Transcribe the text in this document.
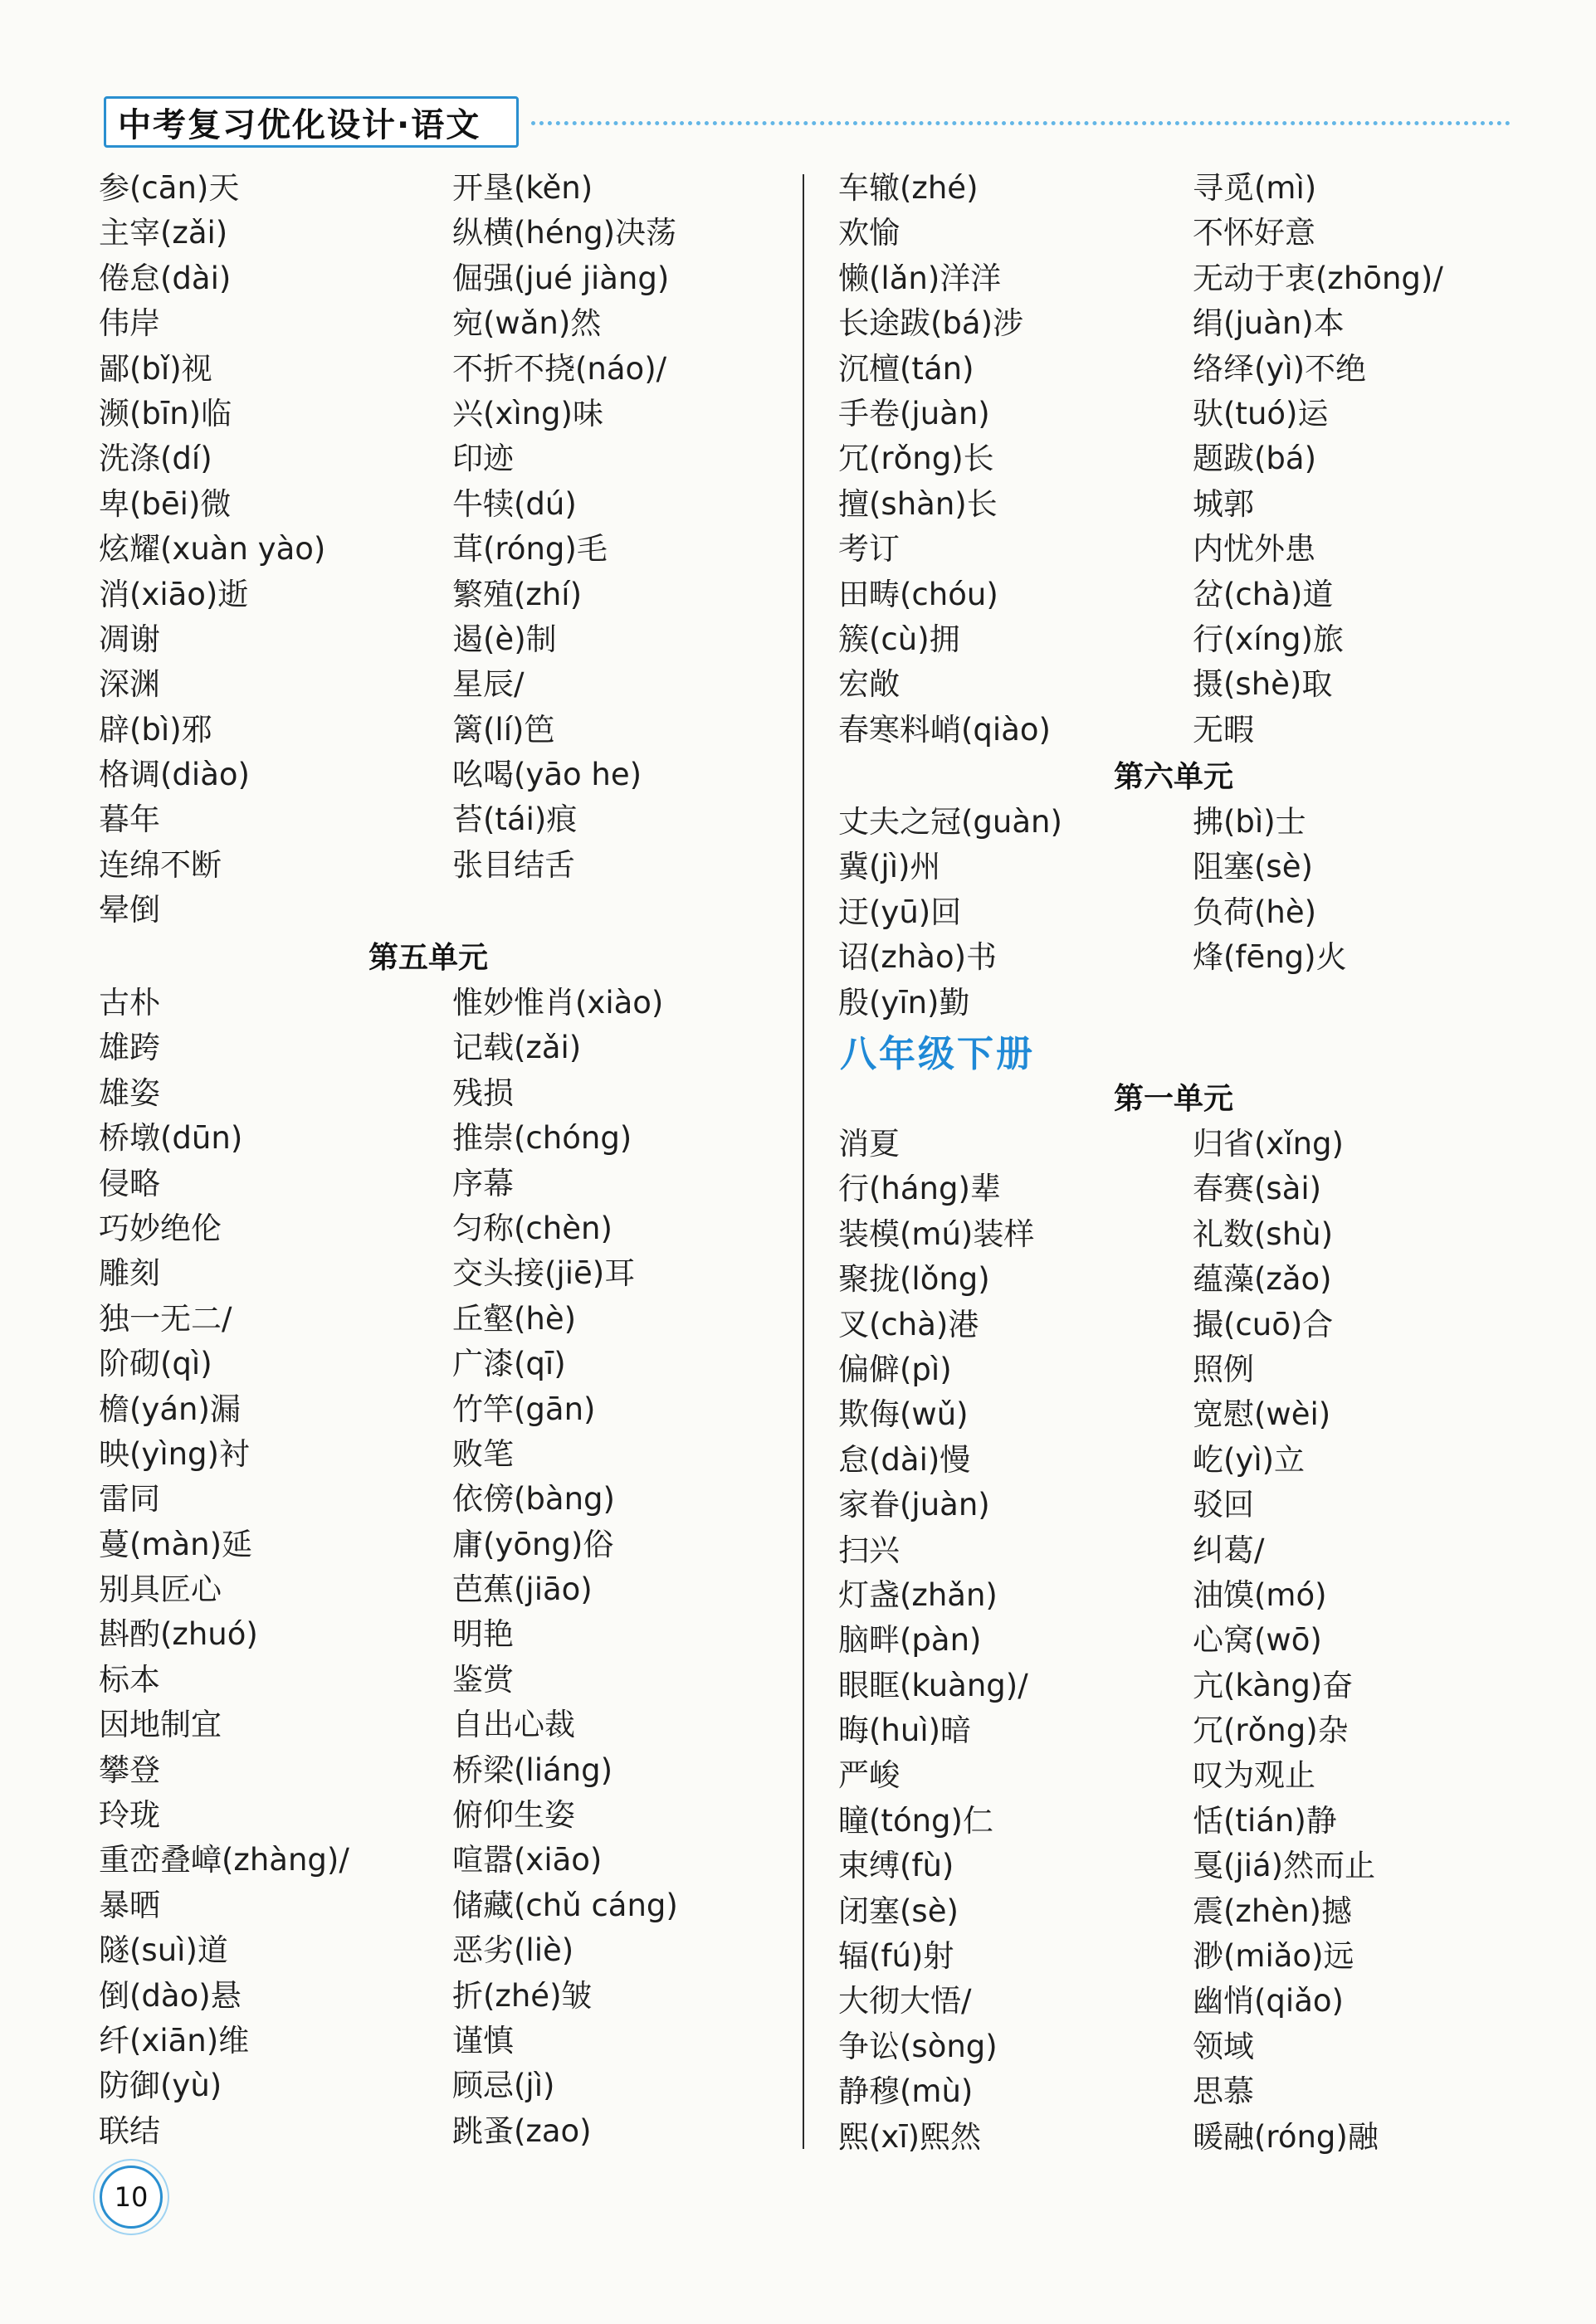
中考复习优化设计·语文
参(cān)天
主宰(zǎi)
倦怠(dài)
伟岸
鄙(bǐ)视
濒(bīn)临
洗涤(dí)
卑(bēi)微
炫耀(xuàn yào)
消(xiāo)逝
凋谢
深渊
辟(bì)邪
格调(diào)
暮年
连绵不断
晕倒
开垦(kěn)
纵横(héng)决荡
倔强(jué jiàng)
宛(wǎn)然
不折不挠(náo)/
兴(xìng)味
印迹
牛犊(dú)
茸(róng)毛
繁殖(zhí)
遏(è)制
星辰/
篱(lí)笆
吆喝(yāo he)
苔(tái)痕
张目结舌
第五单元
古朴
雄跨
雄姿
桥墩(dūn)
侵略
巧妙绝伦
雕刻
独一无二/
阶砌(qì)
檐(yán)漏
映(yìng)衬
雷同
蔓(màn)延
别具匠心
斟酌(zhuó)
标本
因地制宜
攀登
玲珑
重峦叠嶂(zhàng)/
暴晒
隧(suì)道
倒(dào)悬
纤(xiān)维
防御(yù)
联结
惟妙惟肖(xiào)
记载(zǎi)
残损
推崇(chóng)
序幕
匀称(chèn)
交头接(jiē)耳
丘壑(hè)
广漆(qī)
竹竿(gān)
败笔
依傍(bàng)
庸(yōng)俗
芭蕉(jiāo)
明艳
鉴赏
自出心裁
桥梁(liáng)
俯仰生姿
喧嚣(xiāo)
储藏(chǔ cáng)
恶劣(liè)
折(zhé)皱
谨慎
顾忌(jì)
跳蚤(zao)
车辙(zhé)
欢愉
懒(lǎn)洋洋
长途跋(bá)涉
沉檀(tán)
手卷(juàn)
冗(rǒng)长
擅(shàn)长
考订
田畴(chóu)
簇(cù)拥
宏敞
春寒料峭(qiào)
寻觅(mì)
不怀好意
无动于衷(zhōng)/
绢(juàn)本
络绎(yì)不绝
驮(tuó)运
题跋(bá)
城郭
内忧外患
岔(chà)道
行(xíng)旅
摄(shè)取
无暇
第六单元
丈夫之冠(guàn)
冀(jì)州
迂(yū)回
诏(zhào)书
殷(yīn)勤
拂(bì)士
阻塞(sè)
负荷(hè)
烽(fēng)火
八年级下册
第一单元
消夏
行(háng)辈
装模(mú)装样
聚拢(lǒng)
叉(chà)港
偏僻(pì)
欺侮(wǔ)
怠(dài)慢
家眷(juàn)
扫兴
灯盏(zhǎn)
脑畔(pàn)
眼眶(kuàng)/
晦(huì)暗
严峻
瞳(tóng)仁
束缚(fù)
闭塞(sè)
辐(fú)射
大彻大悟/
争讼(sòng)
静穆(mù)
熙(xī)熙然
归省(xǐng)
春赛(sài)
礼数(shù)
蕴藻(zǎo)
撮(cuō)合
照例
宽慰(wèi)
屹(yì)立
驳回
纠葛/
油馍(mó)
心窝(wō)
亢(kàng)奋
冗(rǒng)杂
叹为观止
恬(tián)静
戛(jiá)然而止
震(zhèn)撼
渺(miǎo)远
幽悄(qiǎo)
领域
思慕
暖融(róng)融
10
